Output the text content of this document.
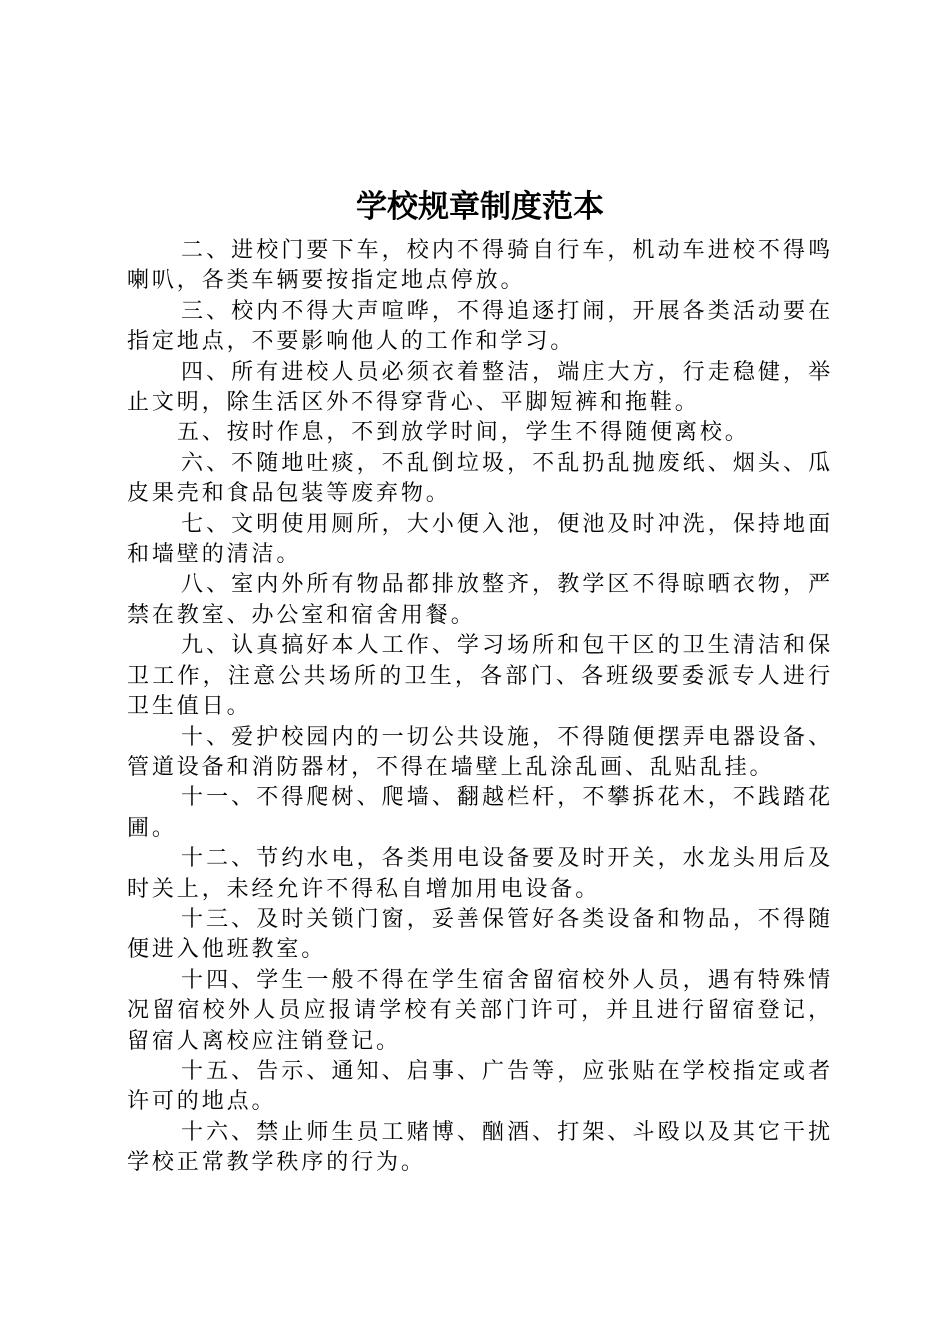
学校规章制度范本

二、进校门要下车，校内不得骑自行车，机动车进校不得鸣喇叭，各类车辆要按指定地点停放。

三、校内不得大声喧哗，不得追逐打闹，开展各类活动要在指定地点，不要影响他人的工作和学习。

四、所有进校人员必须衣着整洁，端庄大方，行走稳健，举止文明，除生活区外不得穿背心、平脚短裤和拖鞋。

五、按时作息，不到放学时间，学生不得随便离校。

六、不随地吐痰，不乱倒垃圾，不乱扔乱抛废纸、烟头、瓜皮果壳和食品包装等废弃物。

七、文明使用厕所，大小便入池，便池及时冲洗，保持地面和墙壁的清洁。

八、室内外所有物品都排放整齐，教学区不得晾晒衣物，严禁在教室、办公室和宿舍用餐。

九、认真搞好本人工作、学习场所和包干区的卫生清洁和保卫工作，注意公共场所的卫生，各部门、各班级要委派专人进行卫生值日。

十、爱护校园内的一切公共设施，不得随便摆弄电器设备、管道设备和消防器材，不得在墙壁上乱涂乱画、乱贴乱挂。

十一、不得爬树、爬墙、翻越栏杆，不攀拆花木，不践踏花圃。

十二、节约水电，各类用电设备要及时开关，水龙头用后及时关上，未经允许不得私自增加用电设备。

十三、及时关锁门窗，妥善保管好各类设备和物品，不得随便进入他班教室。

十四、学生一般不得在学生宿舍留宿校外人员，遇有特殊情况留宿校外人员应报请学校有关部门许可，并且进行留宿登记，留宿人离校应注销登记。

十五、告示、通知、启事、广告等，应张贴在学校指定或者许可的地点。

十六、禁止师生员工赌博、酗酒、打架、斗殴以及其它干扰学校正常教学秩序的行为。
